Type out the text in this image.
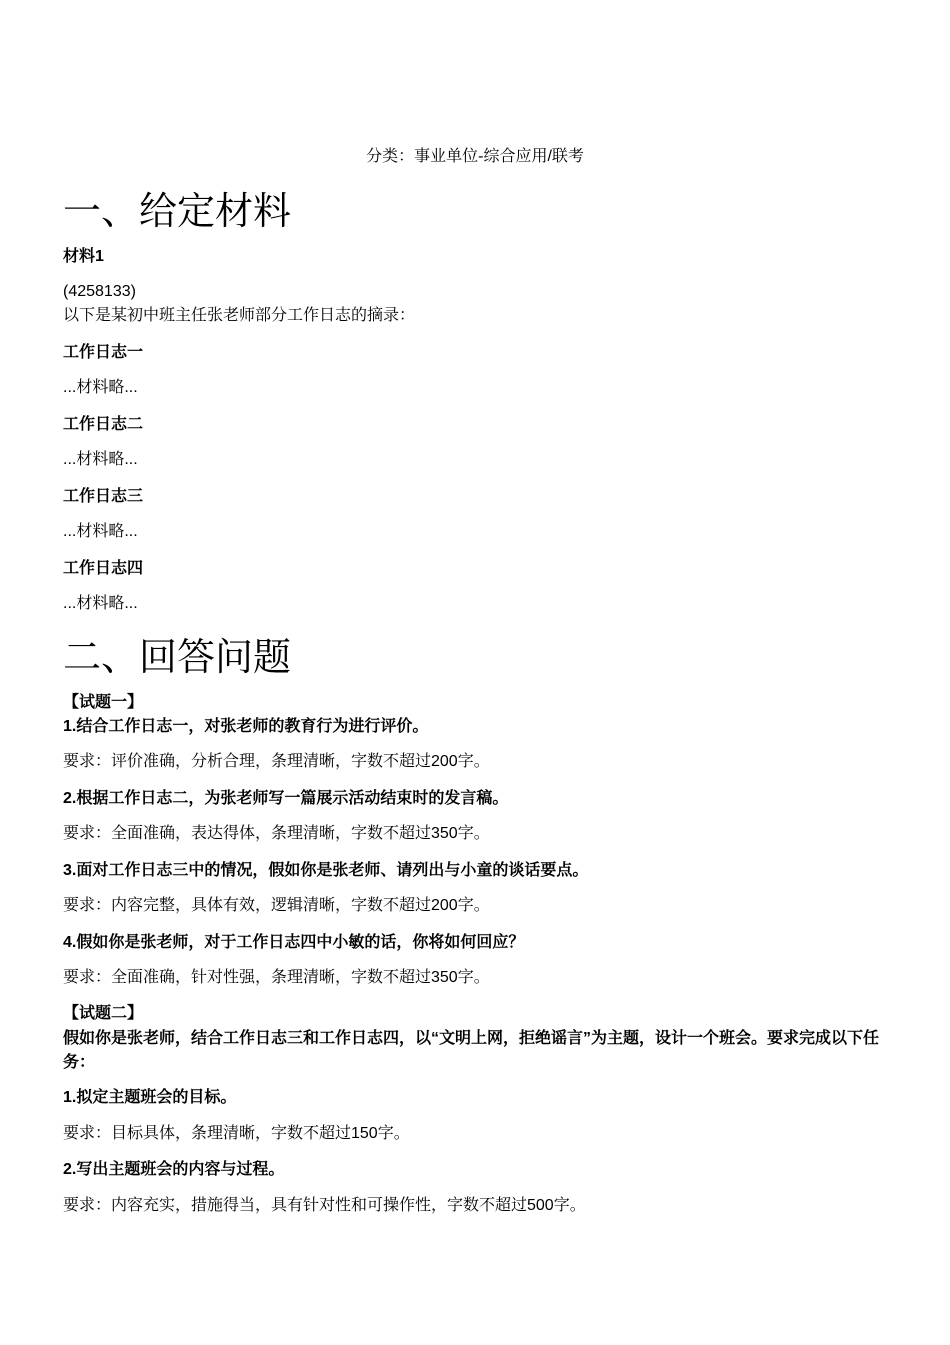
分类：事业单位-综合应用/联考
一、给定材料
材料1
(4258133)
以下是某初中班主任张老师部分工作日志的摘录：
工作日志一
...材料略...
工作日志二
...材料略...
工作日志三
...材料略...
工作日志四
...材料略...
二、回答问题
【试题一】
1.结合工作日志一，对张老师的教育行为进行评价。
要求：评价准确，分析合理，条理清晰，字数不超过200字。
2.根据工作日志二，为张老师写一篇展示活动结束时的发言稿。
要求：全面准确，表达得体，条理清晰，字数不超过350字。
3.面对工作日志三中的情况，假如你是张老师、请列出与小童的谈话要点。
要求：内容完整，具体有效，逻辑清晰，字数不超过200字。
4.假如你是张老师，对于工作日志四中小敏的话，你将如何回应？
要求：全面准确，针对性强，条理清晰，字数不超过350字。
【试题二】
假如你是张老师，结合工作日志三和工作日志四，以“文明上网，拒绝谣言”为主题，设计一个班会。要求完成以下任务：
1.拟定主题班会的目标。
要求：目标具体，条理清晰，字数不超过150字。
2.写出主题班会的内容与过程。
要求：内容充实，措施得当，具有针对性和可操作性，字数不超过500字。
